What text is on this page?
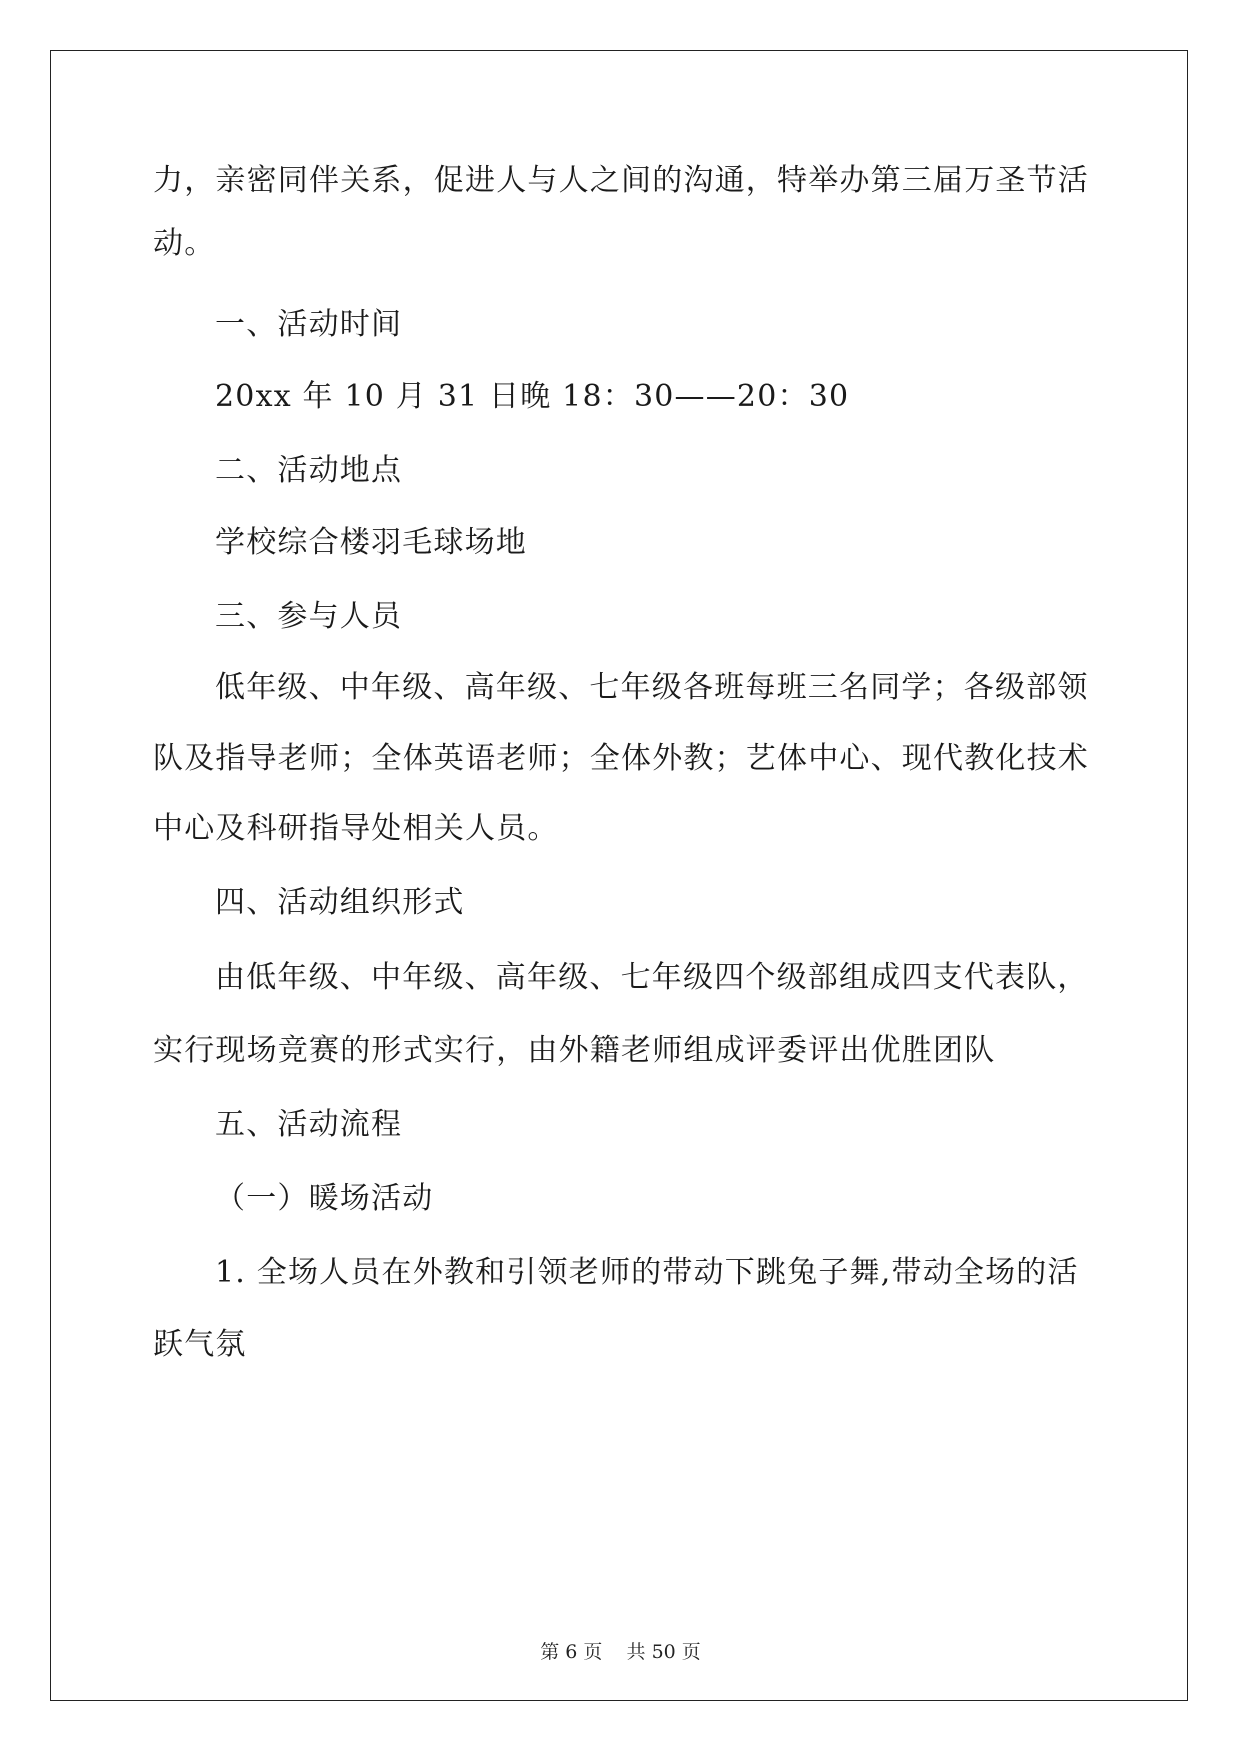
力，亲密同伴关系，促进人与人之间的沟通，特举办第三届万圣节活
动。
一、活动时间
20xx 年 10 月 31 日晚 18：30——20：30
二、活动地点
学校综合楼羽毛球场地
三、参与人员
低年级、中年级、高年级、七年级各班每班三名同学；各级部领
队及指导老师；全体英语老师；全体外教；艺体中心、现代教化技术
中心及科研指导处相关人员。
四、活动组织形式
由低年级、中年级、高年级、七年级四个级部组成四支代表队，
实行现场竞赛的形式实行，由外籍老师组成评委评出优胜团队
五、活动流程
（一）暖场活动
1. 全场人员在外教和引领老师的带动下跳兔子舞,带动全场的活
跃气氛
第 6 页 共 50 页
